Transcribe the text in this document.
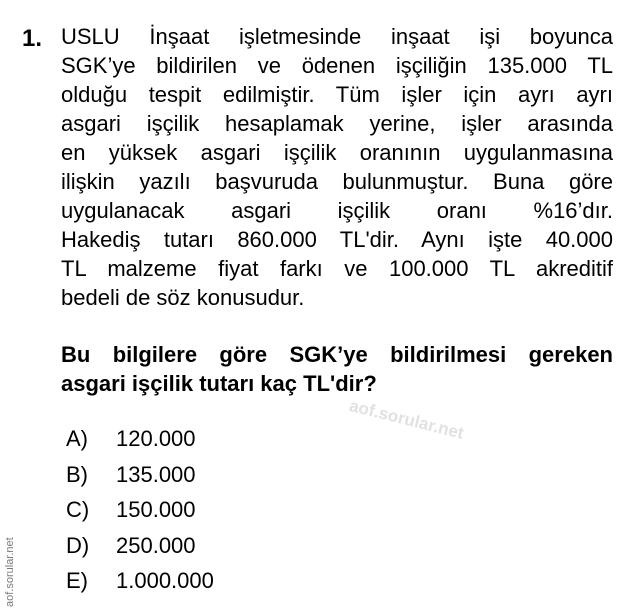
1. USLU İnşaat işletmesinde inşaat işi boyunca
SGK’ye bildirilen ve ödenen işçiliğin 135.000 TL
olduğu tespit edilmiştir. Tüm işler için ayrı ayrı
asgari işçilik hesaplamak yerine, işler arasında
en yüksek asgari işçilik oranının uygulanmasına
ilişkin yazılı başvuruda bulunmuştur. Buna göre
uygulanacak asgari işçilik oranı %16’dır.
Hakediş tutarı 860.000 TL'dir. Aynı işte 40.000
TL malzeme fiyat farkı ve 100.000 TL akreditif
bedeli de söz konusudur.
Bu bilgilere göre SGK’ye bildirilmesi gereken
asgari işçilik tutarı kaç TL'dir?
aof.sorular.net
A)	120.000
B)	135.000
C)	150.000
D)	250.000
E)	1.000.000
aof.sorular.net
